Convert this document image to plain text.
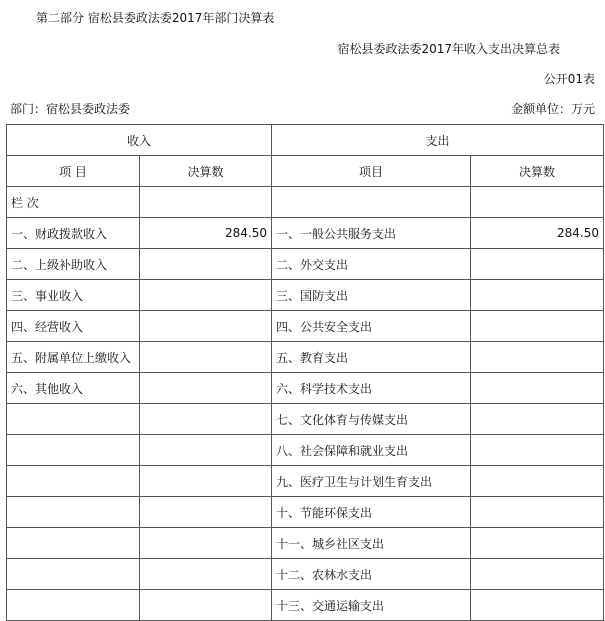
第二部分 宿松县委政法委2017年部门决算表
宿松县委政法委2017年收入支出决算总表
公开01表
部门：宿松县委政法委	金额单位：万元
收入		支出	
项 目	决算数	项目	决算数
栏 次			
一、财政拨款收入	284.50	一、一般公共服务支出	284.50
二、上级补助收入		二、外交支出	
三、事业收入		三、国防支出	
四、经营收入		四、公共安全支出	
五、附属单位上缴收入		五、教育支出	
六、其他收入		六、科学技术支出	
		七、文化体育与传媒支出	
		八、社会保障和就业支出	
		九、医疗卫生与计划生育支出	
		十、节能环保支出	
		十一、城乡社区支出	
		十二、农林水支出	
		十三、交通运输支出	
